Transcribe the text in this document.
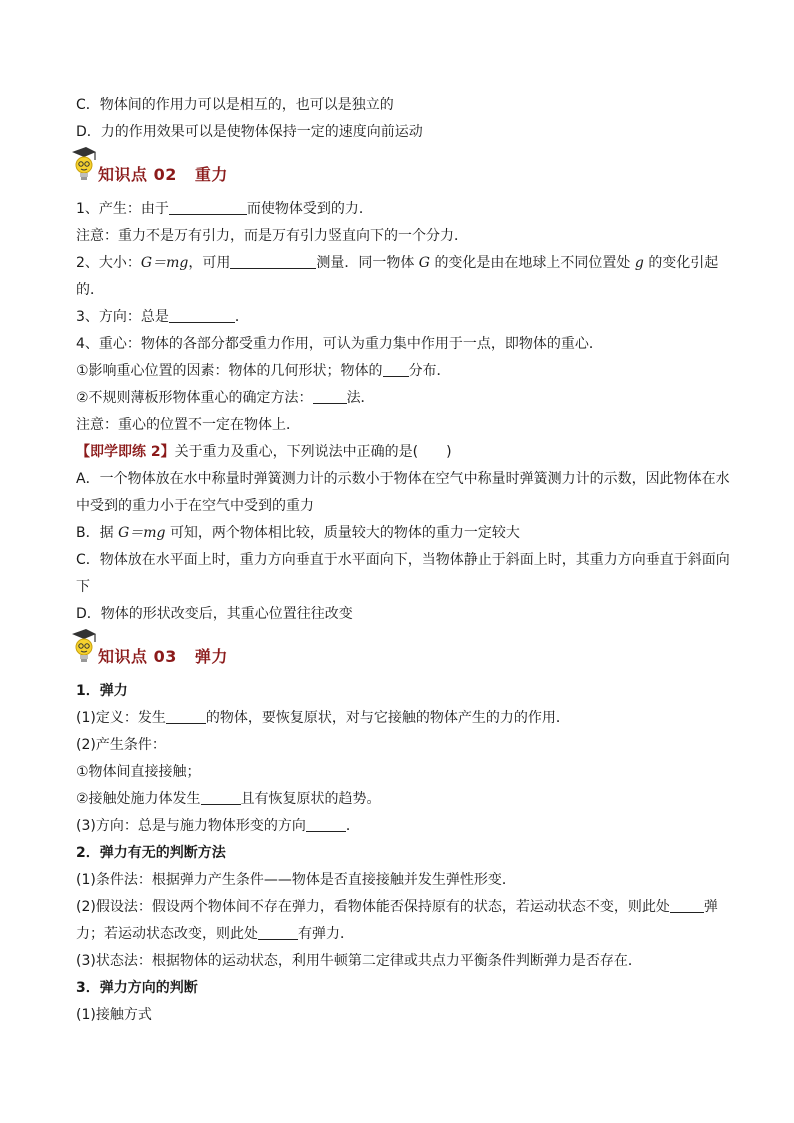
C．物体间的作用力可以是相互的，也可以是独立的
D．力的作用效果可以是使物体保持一定的速度向前运动
知识点 02 重力
1、产生：由于	而使物体受到的力．
注意：重力不是万有引力，而是万有引力竖直向下的一个分力．
2、大小：G＝mg，可用	测量．同一物体 G 的变化是由在地球上不同位置处 g 的变化引起
的．
3、方向：总是	．
4、重心：物体的各部分都受重力作用，可认为重力集中作用于一点，即物体的重心．
①影响重心位置的因素：物体的几何形状；物体的 分布．
②不规则薄板形物体重心的确定方法： 法．
注意：重心的位置不一定在物体上．
【即学即练 2】关于重力及重心，下列说法中正确的是(　　)
A．一个物体放在水中称量时弹簧测力计的示数小于物体在空气中称量时弹簧测力计的示数，因此物体在水
中受到的重力小于在空气中受到的重力
B．据 G＝mg 可知，两个物体相比较，质量较大的物体的重力一定较大
C．物体放在水平面上时，重力方向垂直于水平面向下，当物体静止于斜面上时，其重力方向垂直于斜面向
下
D．物体的形状改变后，其重心位置往往改变
知识点 03 弹力
1．弹力
(1)定义：发生	的物体，要恢复原状，对与它接触的物体产生的力的作用．
(2)产生条件：
①物体间直接接触；
②接触处施力体发生	且有恢复原状的趋势。
(3)方向：总是与施力物体形变的方向	．
2．弹力有无的判断方法
(1)条件法：根据弹力产生条件——物体是否直接接触并发生弹性形变．
(2)假设法：假设两个物体间不存在弹力，看物体能否保持原有的状态，若运动状态不变，则此处 弹
力；若运动状态改变，则此处	有弹力．
(3)状态法：根据物体的运动状态，利用牛顿第二定律或共点力平衡条件判断弹力是否存在．
3．弹力方向的判断
(1)接触方式
